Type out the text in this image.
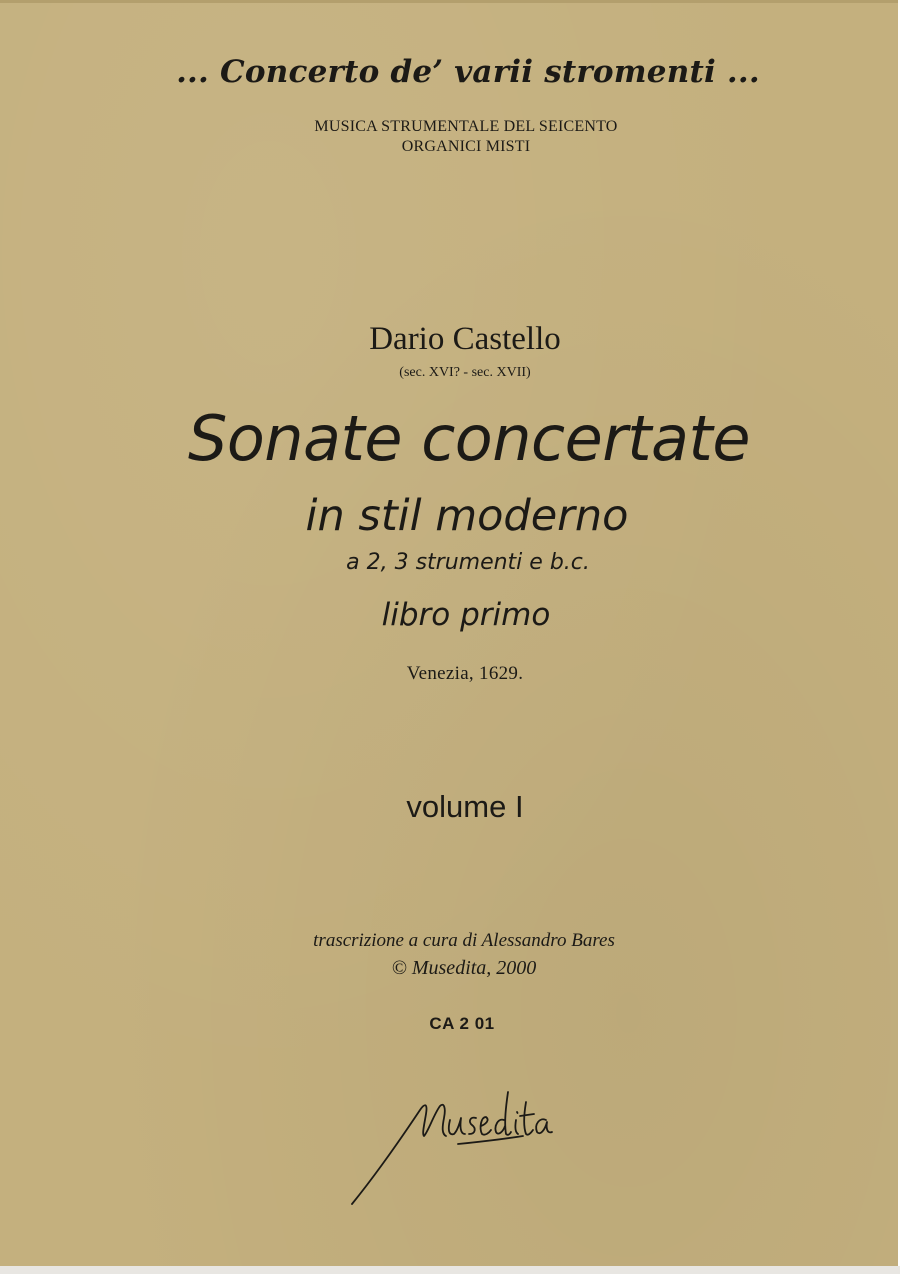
... Concerto de’ varii stromenti ...
MUSICA STRUMENTALE DEL SEICENTO
ORGANICI MISTI
Dario Castello
(sec. XVI? - sec. XVII)
Sonate concertate
in stil moderno
a 2, 3 strumenti e b.c.
libro primo
Venezia, 1629.
volume I
trascrizione a cura di Alessandro Bares
© Musedita, 2000
CA 2 01
